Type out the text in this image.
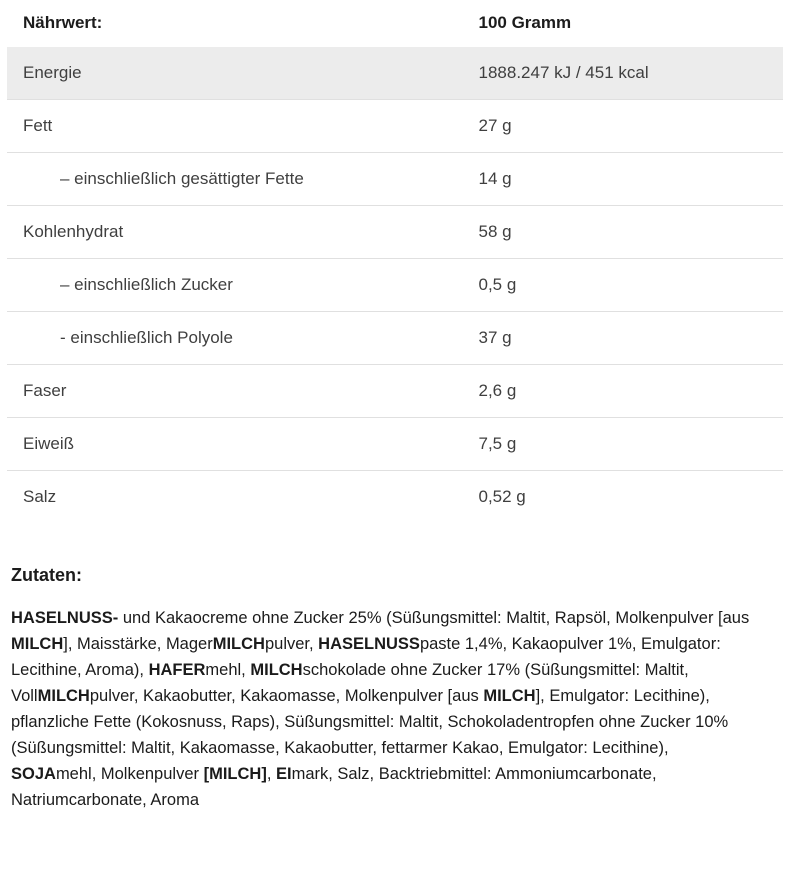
Nährwert:	100 Gramm
Energie	1888.247 kJ / 451 kcal
Fett	27 g
– einschließlich gesättigter Fette	14 g
Kohlenhydrat	58 g
– einschließlich Zucker	0,5 g
- einschließlich Polyole	37 g
Faser	2,6 g
Eiweiß	7,5 g
Salz	0,52 g
Zutaten:

HASELNUSS- und Kakaocreme ohne Zucker 25% (Süßungsmittel: Maltit, Rapsöl, Molkenpulver [aus MILCH], Maisstärke, MagerMILCHpulver, HASELNUSSpaste 1,4%, Kakaopulver 1%, Emulgator: Lecithine, Aroma), HAFERmehl, MILCHschokolade ohne Zucker 17% (Süßungsmittel: Maltit, VollMILCHpulver, Kakaobutter, Kakaomasse, Molkenpulver [aus MILCH], Emulgator: Lecithine), pflanzliche Fette (Kokosnuss, Raps), Süßungsmittel: Maltit, Schokoladentropfen ohne Zucker 10% (Süßungsmittel: Maltit, Kakaomasse, Kakaobutter, fettarmer Kakao, Emulgator: Lecithine), SOJAmehl, Molkenpulver [MILCH], EImark, Salz, Backtriebmittel: Ammoniumcarbonate, Natriumcarbonate, Aroma
